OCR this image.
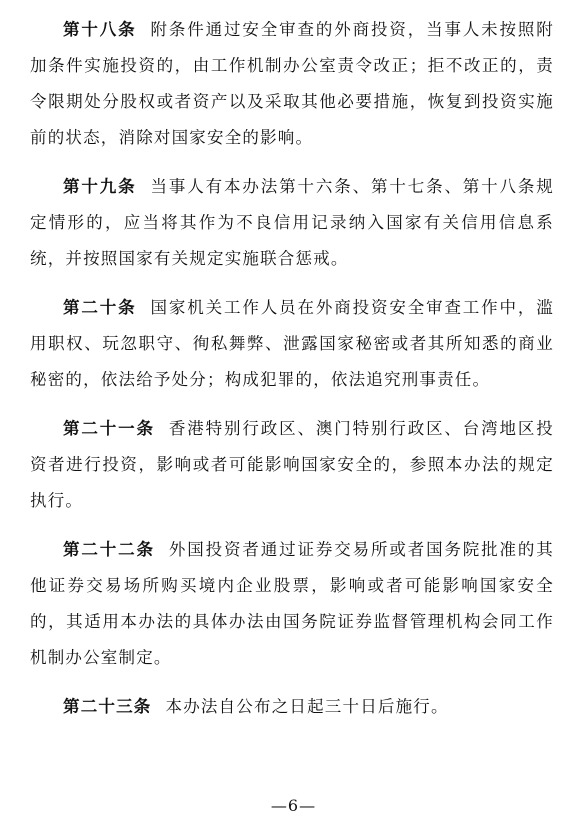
第十八条 附条件通过安全审查的外商投资，当事人未按照附加条件实施投资的，由工作机制办公室责令改正；拒不改正的，责令限期处分股权或者资产以及采取其他必要措施，恢复到投资实施前的状态，消除对国家安全的影响。

第十九条 当事人有本办法第十六条、第十七条、第十八条规定情形的，应当将其作为不良信用记录纳入国家有关信用信息系统，并按照国家有关规定实施联合惩戒。

第二十条 国家机关工作人员在外商投资安全审查工作中，滥用职权、玩忽职守、徇私舞弊、泄露国家秘密或者其所知悉的商业秘密的，依法给予处分；构成犯罪的，依法追究刑事责任。

第二十一条 香港特别行政区、澳门特别行政区、台湾地区投资者进行投资，影响或者可能影响国家安全的，参照本办法的规定执行。

第二十二条 外国投资者通过证券交易所或者国务院批准的其他证券交易场所购买境内企业股票，影响或者可能影响国家安全的，其适用本办法的具体办法由国务院证券监督管理机构会同工作机制办公室制定。

第二十三条 本办法自公布之日起三十日后施行。

—6—
